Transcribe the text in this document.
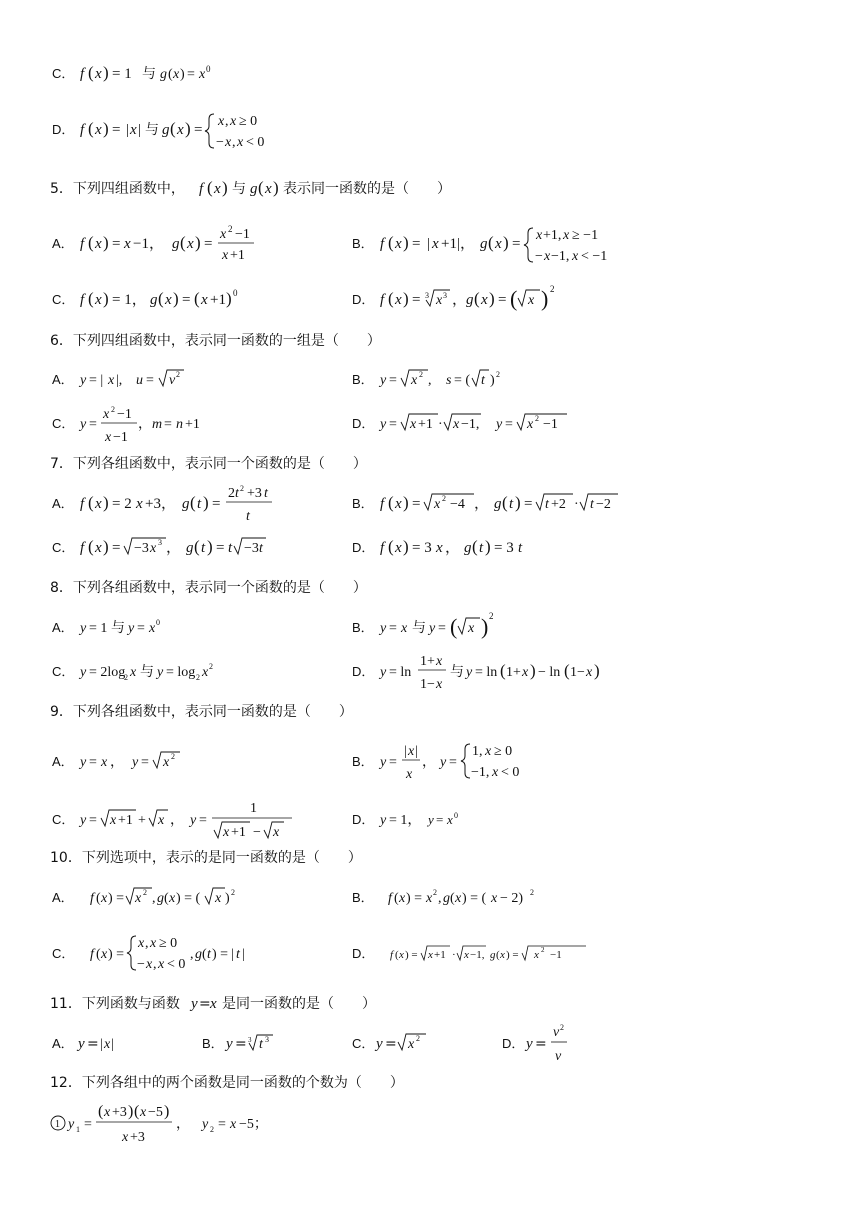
C． f ( x ) = 1 与 g ( x ) = x 0
D． f ( x ) = | x | 与 g ( x ) =
x , x ≥ 0
− x , x < 0
5．下列四组函数中， f ( x ) 与 g ( x ) 表示同一函数的是（　　）
A． f ( x ) = x −1， g ( x ) =
x 2 −1
x +1
B． f ( x ) = | x +1|， g ( x ) =
x +1, x ≥ −1
− x −1, x < −1
C． f ( x ) = 1， g ( x ) = ( x +1 ) 0	D． f ( x ) = 3 x 3 ，
g ( x ) = ( x ) 2
6．下列四组函数中，表示同一函数的一组是（　　）
A． y = | x |, u = v 2	B． y = x 2 , s = ( t ) 2
C． y =
x 2 −1
x −1
， m = n +1	D． y = x +1 · x −1, y = x 2 −1
7．下列各组函数中，表示同一个函数的是（　　）
A． f ( x ) = 2 x +3， g ( t ) =
2 t 2 +3 t
t
B． f ( x ) = x 2 −4 ， g ( t ) = t +2 · t −2
C． f ( x ) = −3 x 3 ， g ( t ) = t −3 t	D． f ( x ) = 3 x ， g ( t ) = 3 t
8．下列各组函数中，表示同一个函数的是（　　）
A． y = 1 与 y = x 0	B． y = x 与 y = ( x ) 2
C． y = 2log
2 x 与 y = log 2 x 2	D． y = ln
1+ x
1− x
与 y = ln ( 1+ x ) − ln ( 1− x )
9．下列各组函数中，表示同一函数的是（　　）
A． y = x ， y = x 2	B． y =
| x |
x
， y =
1, x ≥ 0
−1, x < 0
C． y = x +1 + x ， y =
1
x +1 − x
D． y = 1， y = x 0
10．下列选项中，表示的是同一函数的是（　　）
A． f ( x ) = x 2 , g ( x ) = ( x ) 2	B． f ( x ) = x 2 , g ( x ) = ( x − 2) 2
C． f ( x ) =
x , x ≥ 0
− x , x < 0
, g ( t ) = | t |	D． f ( x ) = x +1 · x −1, g ( x ) = x 2 −1
11．下列函数与函数 y = x 是同一函数的是（　　）
A． y = | x |	B． y = 3 t 3	C． y = x 2	D． y =
v 2
v
12．下列各组中的两个函数是同一函数的个数为（　　）
1 y 1 =
( x +3 ) ( x −5 )
x +3
， y 2 = x −5；
